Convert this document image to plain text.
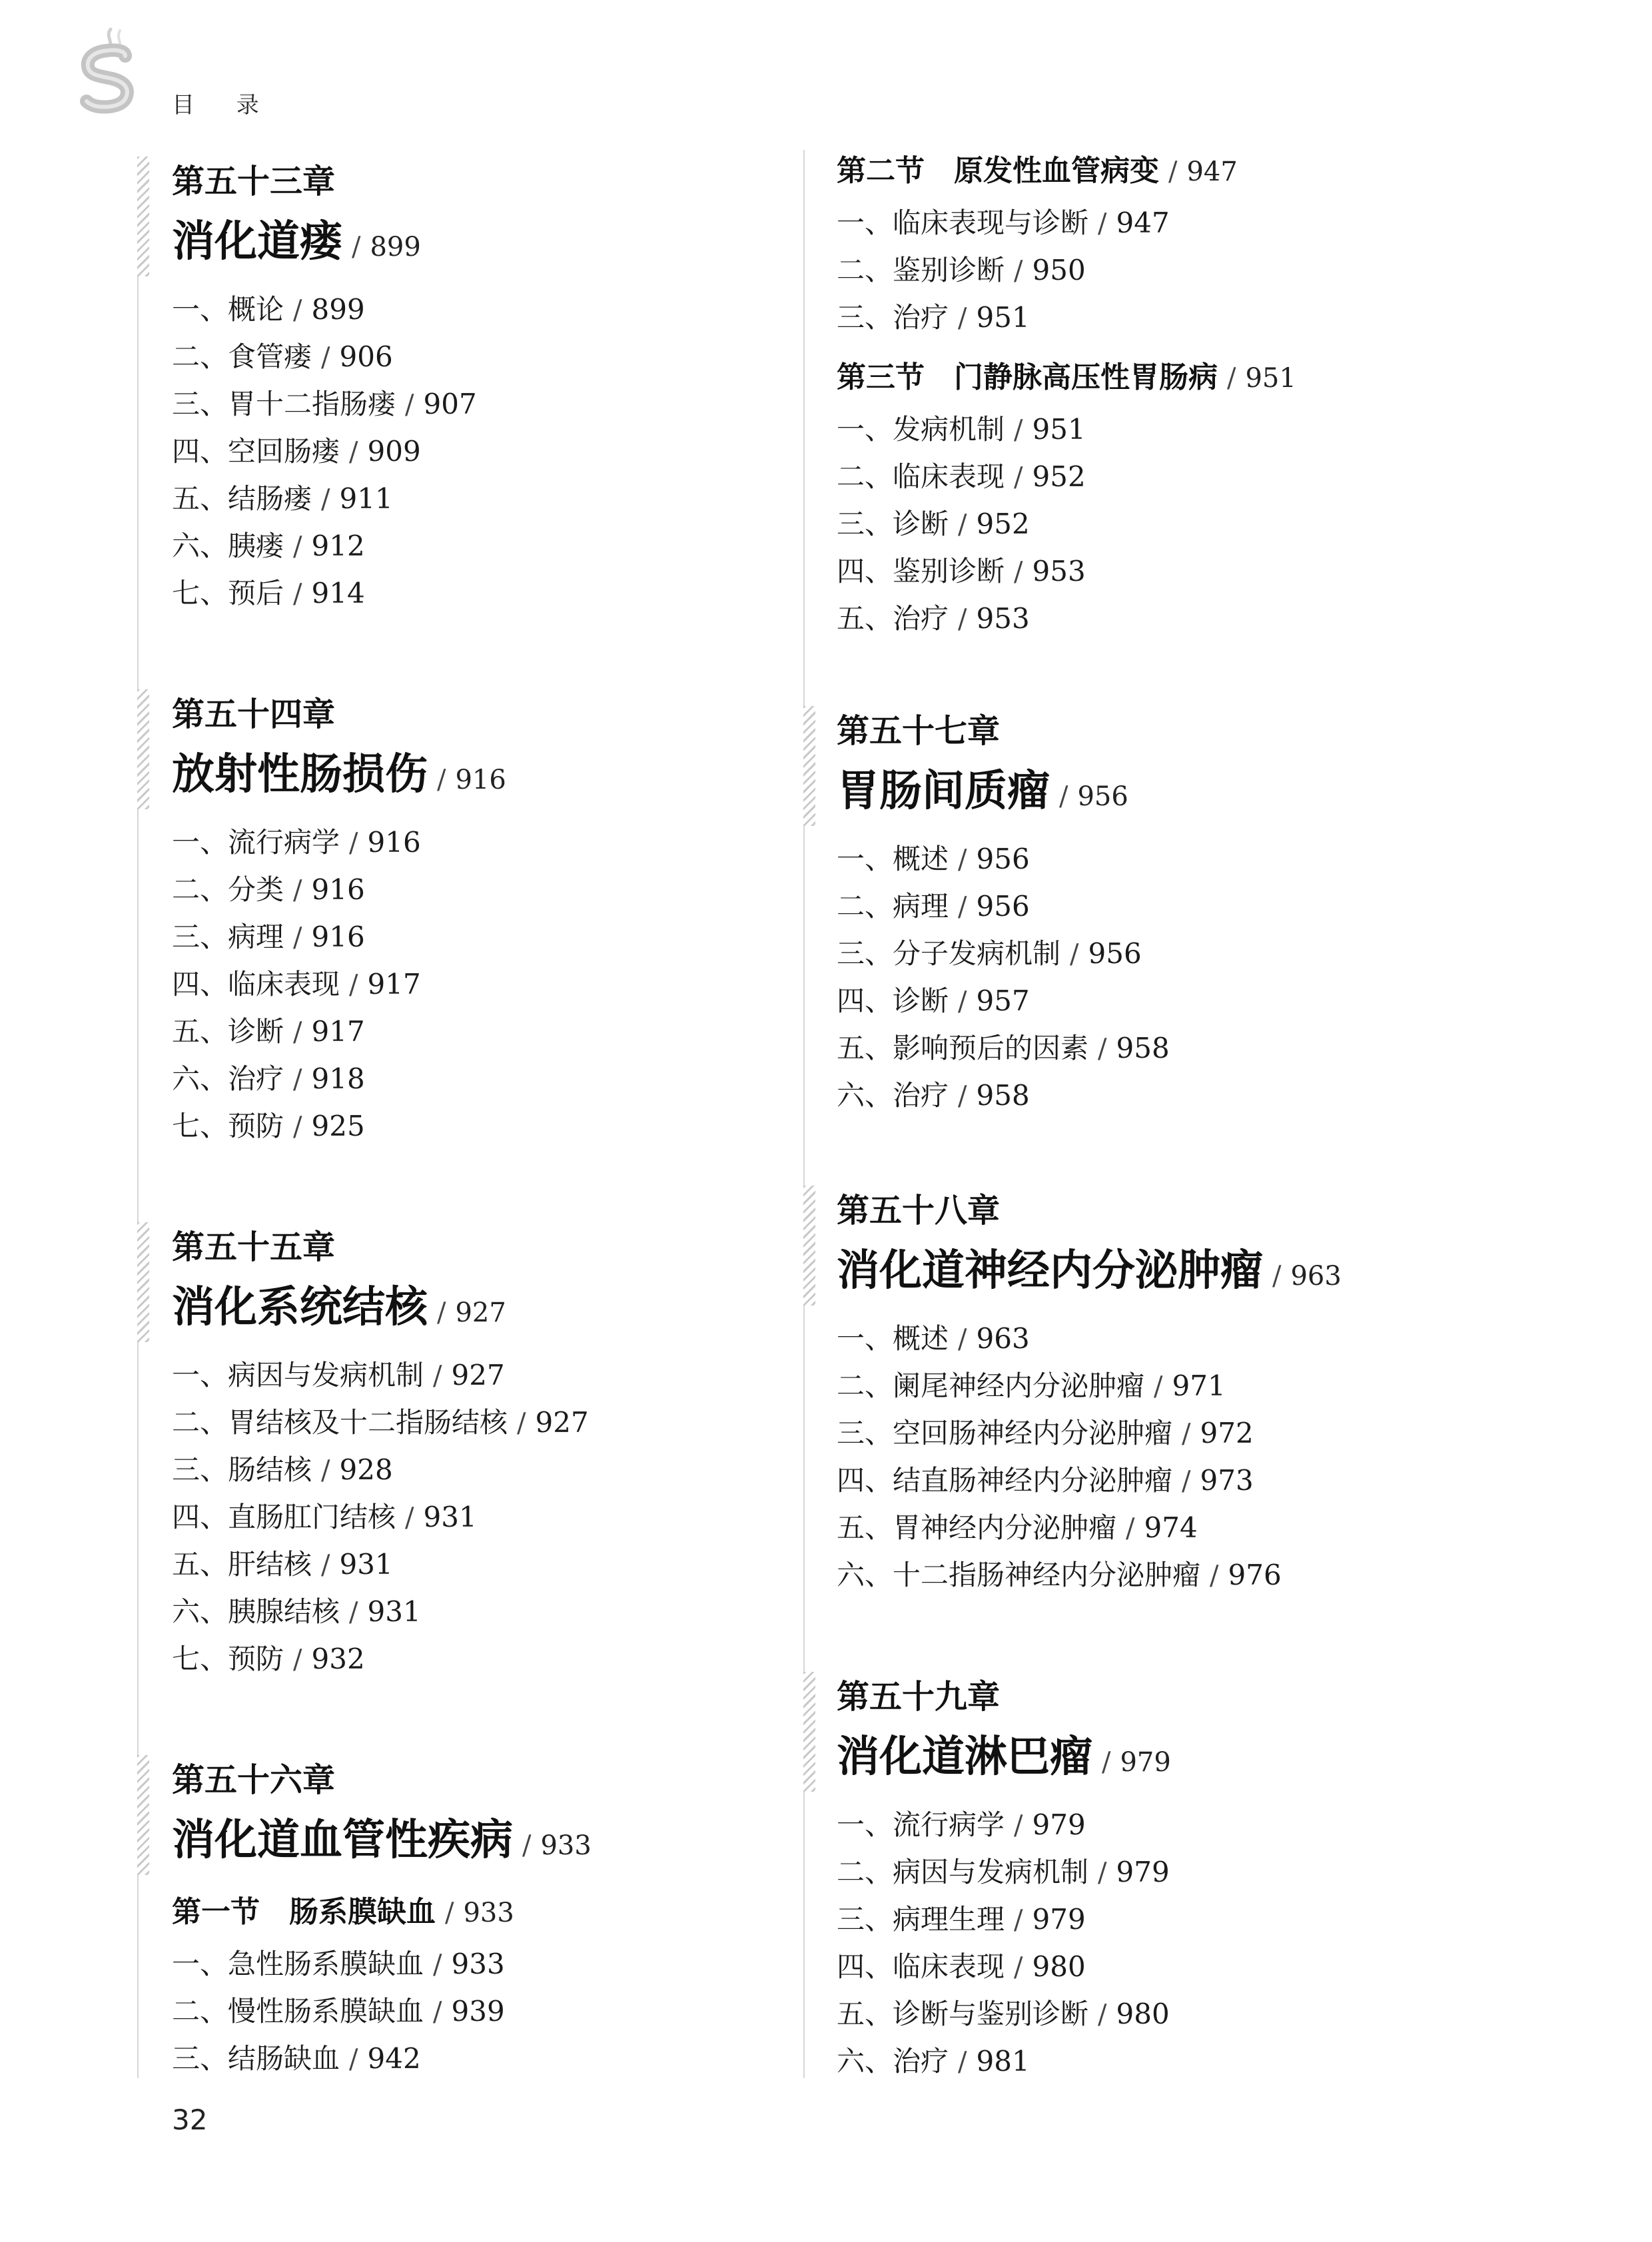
目 录
第五十三章
消化道瘘 / 899
一、概论 / 899
二、食管瘘 / 906
三、胃十二指肠瘘 / 907
四、空回肠瘘 / 909
五、结肠瘘 / 911
六、胰瘘 / 912
七、预后 / 914
第五十四章
放射性肠损伤 / 916
一、流行病学 / 916
二、分类 / 916
三、病理 / 916
四、临床表现 / 917
五、诊断 / 917
六、治疗 / 918
七、预防 / 925
第五十五章
消化系统结核 / 927
一、病因与发病机制 / 927
二、胃结核及十二指肠结核 / 927
三、肠结核 / 928
四、直肠肛门结核 / 931
五、肝结核 / 931
六、胰腺结核 / 931
七、预防 / 932
第五十六章
消化道血管性疾病 / 933
第一节 肠系膜缺血 / 933
一、急性肠系膜缺血 / 933
二、慢性肠系膜缺血 / 939
三、结肠缺血 / 942
第二节 原发性血管病变 / 947
一、临床表现与诊断 / 947
二、鉴别诊断 / 950
三、治疗 / 951
第三节 门静脉高压性胃肠病 / 951
一、发病机制 / 951
二、临床表现 / 952
三、诊断 / 952
四、鉴别诊断 / 953
五、治疗 / 953
第五十七章
胃肠间质瘤 / 956
一、概述 / 956
二、病理 / 956
三、分子发病机制 / 956
四、诊断 / 957
五、影响预后的因素 / 958
六、治疗 / 958
第五十八章
消化道神经内分泌肿瘤 / 963
一、概述 / 963
二、阑尾神经内分泌肿瘤 / 971
三、空回肠神经内分泌肿瘤 / 972
四、结直肠神经内分泌肿瘤 / 973
五、胃神经内分泌肿瘤 / 974
六、十二指肠神经内分泌肿瘤 / 976
第五十九章
消化道淋巴瘤 / 979
一、流行病学 / 979
二、病因与发病机制 / 979
三、病理生理 / 979
四、临床表现 / 980
五、诊断与鉴别诊断 / 980
六、治疗 / 981
32
